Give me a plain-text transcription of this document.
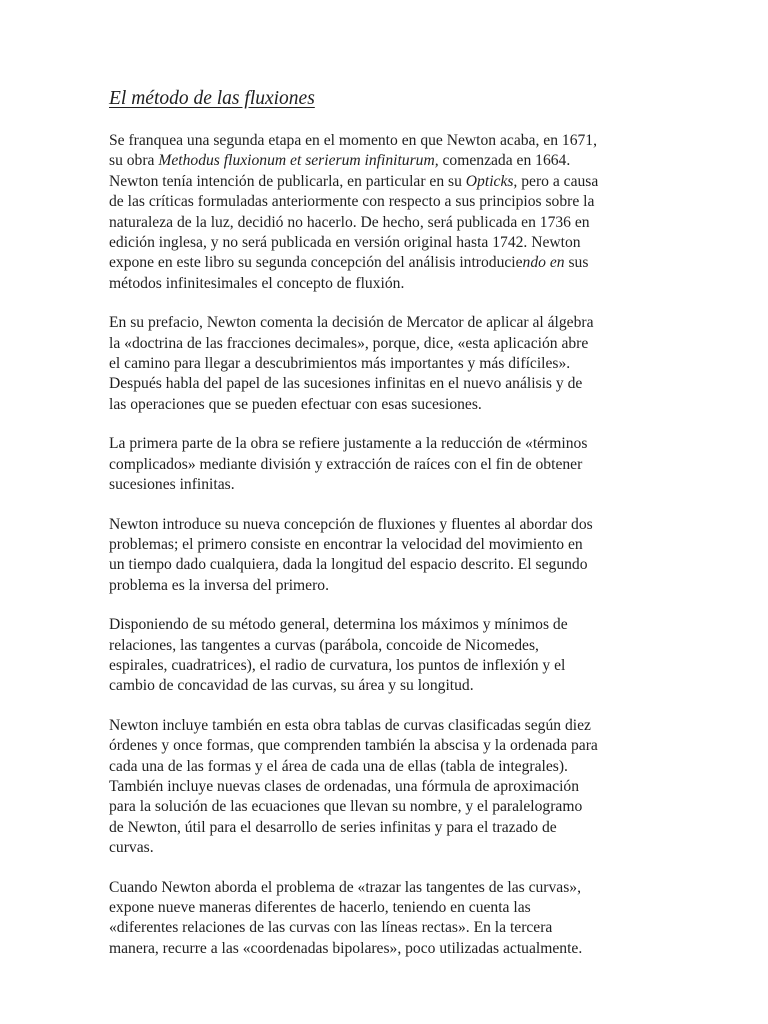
El método de las fluxiones

Se franquea una segunda etapa en el momento en que Newton acaba, en 1671,
su obra Methodus fluxionum et serierum infiniturum, comenzada en 1664.
Newton tenía intención de publicarla, en particular en su Opticks, pero a causa
de las críticas formuladas anteriormente con respecto a sus principios sobre la
naturaleza de la luz, decidió no hacerlo. De hecho, será publicada en 1736 en
edición inglesa, y no será publicada en versión original hasta 1742. Newton
expone en este libro su segunda concepción del análisis introduciendo en sus
métodos infinitesimales el concepto de fluxión.

En su prefacio, Newton comenta la decisión de Mercator de aplicar al álgebra
la «doctrina de las fracciones decimales», porque, dice, «esta aplicación abre
el camino para llegar a descubrimientos más importantes y más difíciles».
Después habla del papel de las sucesiones infinitas en el nuevo análisis y de
las operaciones que se pueden efectuar con esas sucesiones.

La primera parte de la obra se refiere justamente a la reducción de «términos
complicados» mediante división y extracción de raíces con el fin de obtener
sucesiones infinitas.

Newton introduce su nueva concepción de fluxiones y fluentes al abordar dos
problemas; el primero consiste en encontrar la velocidad del movimiento en
un tiempo dado cualquiera, dada la longitud del espacio descrito. El segundo
problema es la inversa del primero.

Disponiendo de su método general, determina los máximos y mínimos de
relaciones, las tangentes a curvas (parábola, concoide de Nicomedes,
espirales, cuadratrices), el radio de curvatura, los puntos de inflexión y el
cambio de concavidad de las curvas, su área y su longitud.

Newton incluye también en esta obra tablas de curvas clasificadas según diez
órdenes y once formas, que comprenden también la abscisa y la ordenada para
cada una de las formas y el área de cada una de ellas (tabla de integrales).
También incluye nuevas clases de ordenadas, una fórmula de aproximación
para la solución de las ecuaciones que llevan su nombre, y el paralelogramo
de Newton, útil para el desarrollo de series infinitas y para el trazado de
curvas.

Cuando Newton aborda el problema de «trazar las tangentes de las curvas»,
expone nueve maneras diferentes de hacerlo, teniendo en cuenta las
«diferentes relaciones de las curvas con las líneas rectas». En la tercera
manera, recurre a las «coordenadas bipolares», poco utilizadas actualmente.
